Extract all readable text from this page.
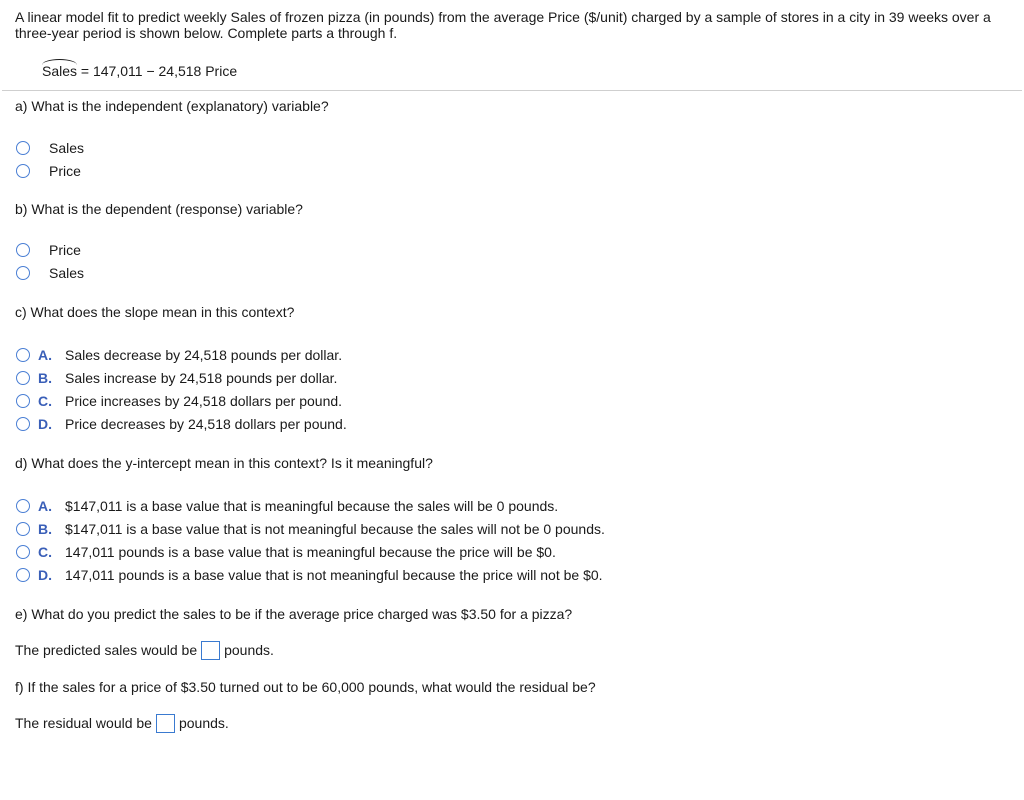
A linear model fit to predict weekly Sales of frozen pizza (in pounds) from the average Price ($/unit) charged by a sample of stores in a city in 39 weeks over a three-year period is shown below. Complete parts a through f.
Sales = 147,011 − 24,518 Price
a) What is the independent (explanatory) variable?
Sales
Price
b) What is the dependent (response) variable?
Price
Sales
c) What does the slope mean in this context?
A. Sales decrease by 24,518 pounds per dollar.
B. Sales increase by 24,518 pounds per dollar.
C. Price increases by 24,518 dollars per pound.
D. Price decreases by 24,518 dollars per pound.
d) What does the y-intercept mean in this context? Is it meaningful?
A. $147,011 is a base value that is meaningful because the sales will be 0 pounds.
B. $147,011 is a base value that is not meaningful because the sales will not be 0 pounds.
C. 147,011 pounds is a base value that is meaningful because the price will be $0.
D. 147,011 pounds is a base value that is not meaningful because the price will not be $0.
e) What do you predict the sales to be if the average price charged was $3.50 for a pizza?
The predicted sales would be pounds.
f) If the sales for a price of $3.50 turned out to be 60,000 pounds, what would the residual be?
The residual would be pounds.
